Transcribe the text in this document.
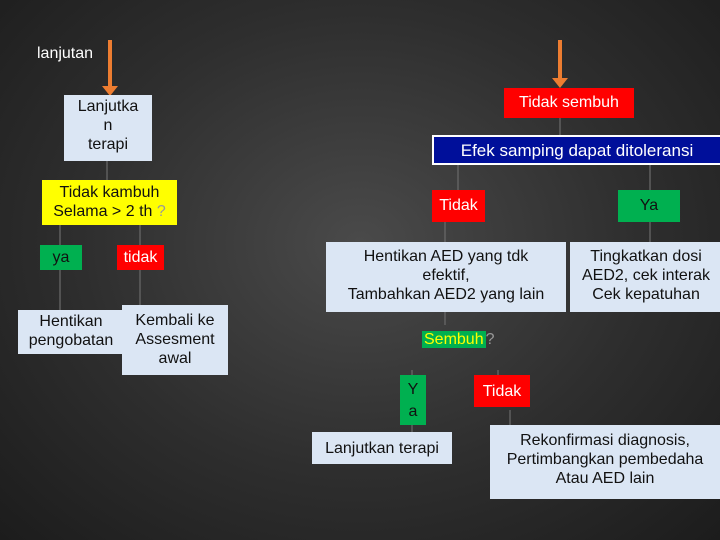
lanjutan
Lanjutka
n
terapi
Tidak kambuh
Selama > 2 th ?
ya	tidak
Hentikan
pengobatan
Kembali ke
Assesment
awal
Tidak sembuh
Efek samping dapat ditoleransi
Tidak	Ya
Hentikan AED yang tdk
efektif,
Tambahkan AED2 yang lain
Tingkatkan dosi
AED2, cek interak
Cek kepatuhan
Sembuh ?
Y
a
Tidak
Lanjutkan terapi	Rekonfirmasi diagnosis,
Pertimbangkan pembedaha
Atau AED lain
